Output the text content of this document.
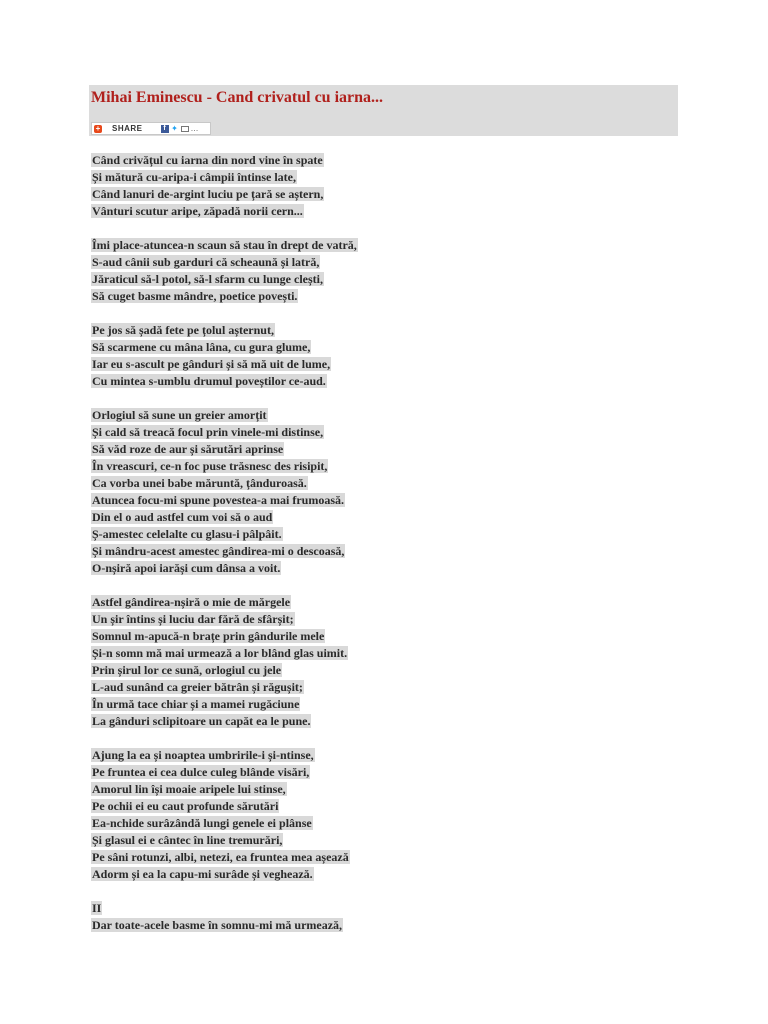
Mihai Eminescu - Cand crivatul cu iarna...
+ SHARE	f ✦ …
Când crivățul cu iarna din nord vine în spate
Și mătură cu-aripa-i câmpii întinse late,
Când lanuri de-argint luciu pe țară se aștern,
Vânturi scutur aripe, zăpadă norii cern...
Îmi place-atuncea-n scaun să stau în drept de vatră,
S-aud cânii sub garduri că scheaună și latră,
Jăraticul să-l potol, să-l sfarm cu lunge clești,
Să cuget basme mândre, poetice povești.
Pe jos să șadă fete pe țolul așternut,
Să scarmene cu mâna lâna, cu gura glume,
Iar eu s-ascult pe gânduri și să mă uit de lume,
Cu mintea s-umblu drumul poveștilor ce-aud.
Orlogiul să sune un greier amorțit
Și cald să treacă focul prin vinele-mi distinse,
Să văd roze de aur și sărutări aprinse
În vreascuri, ce-n foc puse trăsnesc des risipit,
Ca vorba unei babe măruntă, țânduroasă.
Atuncea focu-mi spune povestea-a mai frumoasă.
Din el o aud astfel cum voi să o aud
Ș-amestec celelalte cu glasu-i pâlpâit.
Și mândru-acest amestec gândirea-mi o descoasă,
O-nșiră apoi iarăși cum dânsa a voit.
Astfel gândirea-nșiră o mie de mărgele
Un șir întins și luciu dar fără de sfârșit;
Somnul m-apucă-n brațe prin gândurile mele
Și-n somn mă mai urmează a lor blând glas uimit.
Prin șirul lor ce sună, orlogiul cu jele
L-aud sunând ca greier bătrân și răgușit;
În urmă tace chiar și a mamei rugăciune
La gânduri sclipitoare un capăt ea le pune.
Ajung la ea și noaptea umbririle-i și-ntinse,
Pe fruntea ei cea dulce culeg blânde visări,
Amorul lin își moaie aripele lui stinse,
Pe ochii ei eu caut profunde sărutări
Ea-nchide surâzândă lungi genele ei plânse
Și glasul ei e cântec în line tremurări,
Pe sâni rotunzi, albi, netezi, ea fruntea mea așează
Adorm și ea la capu-mi surâde și veghează.
II
Dar toate-acele basme în somnu-mi mă urmează,
